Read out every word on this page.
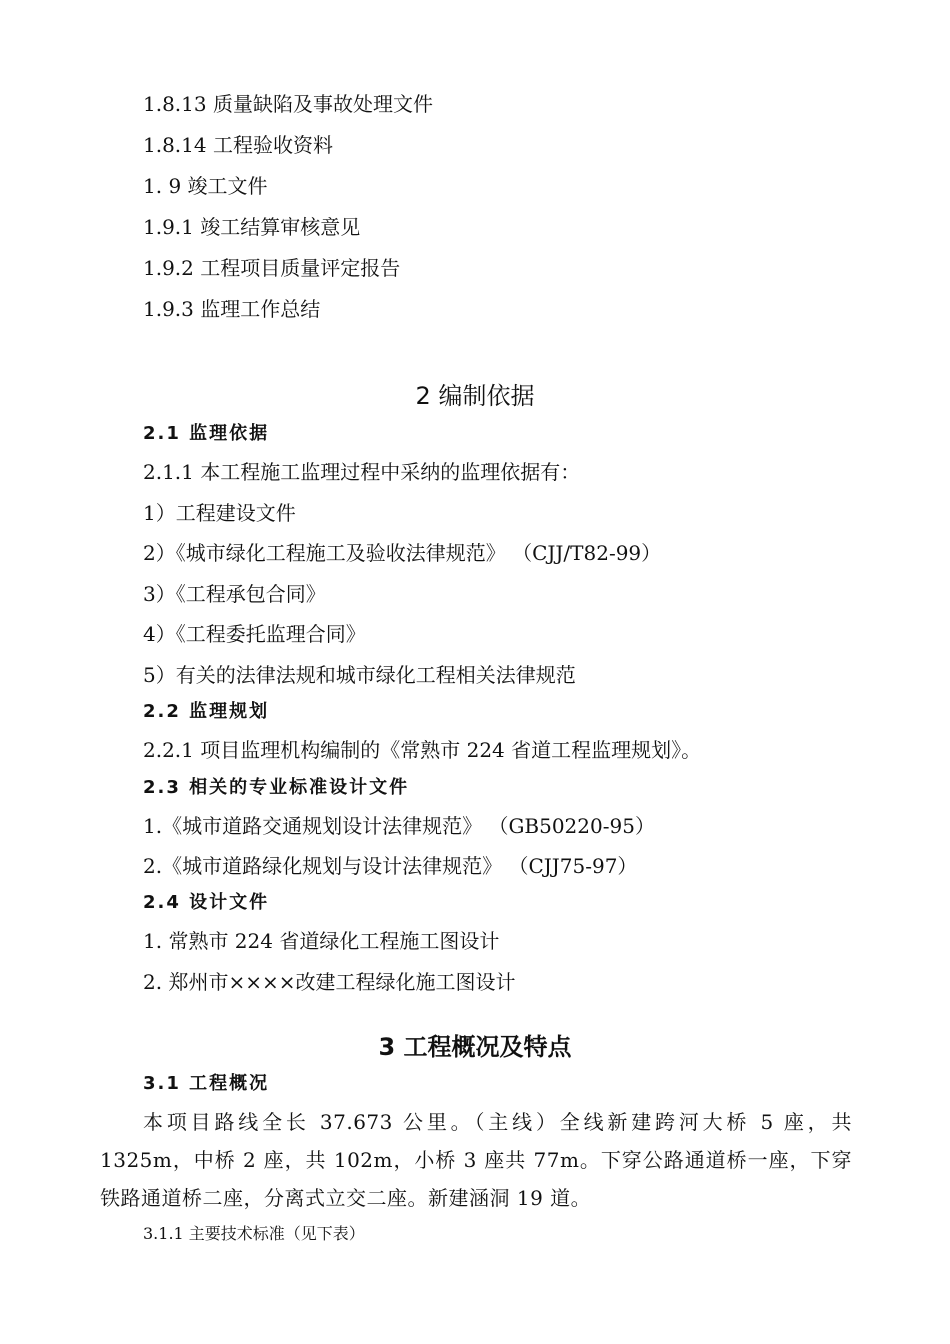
1.8.13 质量缺陷及事故处理文件
1.8.14 工程验收资料
1. 9 竣工文件
1.9.1 竣工结算审核意见
1.9.2 工程项目质量评定报告
1.9.3 监理工作总结
2 编制依据
2.1 监理依据
2.1.1 本工程施工监理过程中采纳的监理依据有：
1）工程建设文件
2）《城市绿化工程施工及验收法律规范》 （CJJ/T82-99）
3）《工程承包合同》
4）《工程委托监理合同》
5）有关的法律法规和城市绿化工程相关法律规范
2.2 监理规划
2.2.1 项目监理机构编制的《常熟市 224 省道工程监理规划》。
2.3 相关的专业标准设计文件
1.《城市道路交通规划设计法律规范》 （GB50220-95）
2.《城市道路绿化规划与设计法律规范》 （CJJ75-97）
2.4 设计文件
1. 常熟市 224 省道绿化工程施工图设计
2. 郑州市××××改建工程绿化施工图设计
3 工程概况及特点
3.1 工程概况
本项目路线全长 37.673 公里。（主线）全线新建跨河大桥 5 座，共 1325m，中桥 2 座，共 102m，小桥 3 座共 77m。下穿公路通道桥一座，下穿铁路通道桥二座，分离式立交二座。新建涵洞 19 道。
3.1.1 主要技术标准（见下表）
